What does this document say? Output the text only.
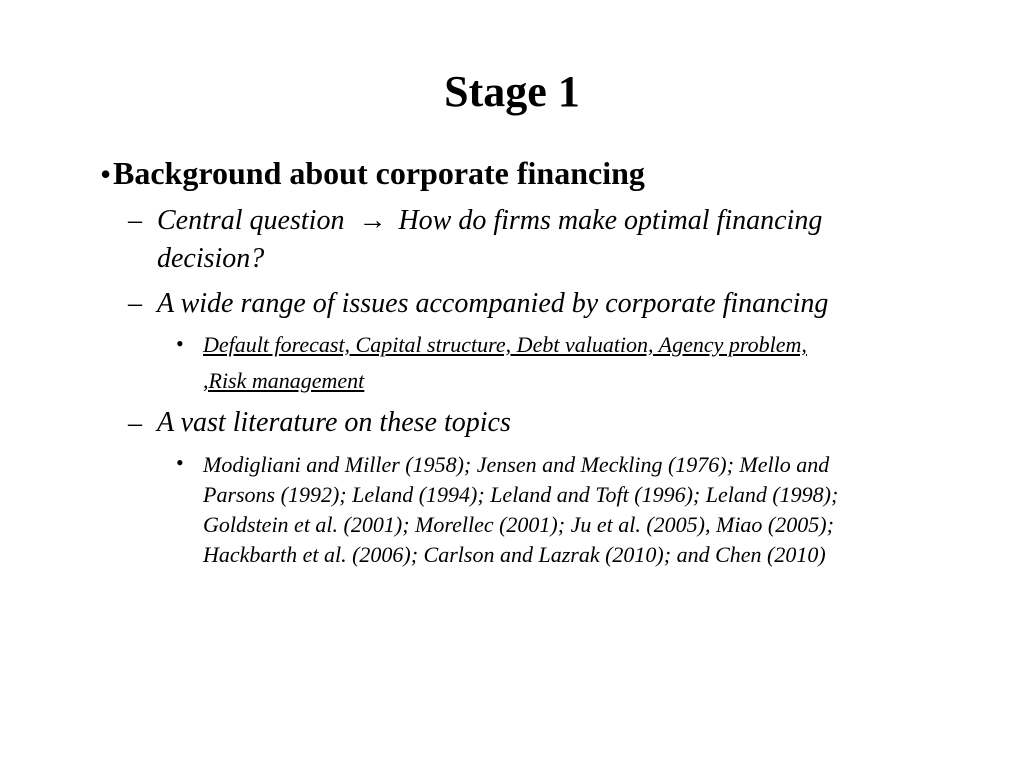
Stage 1
• Background about corporate financing
– Central question → How do firms make optimal financing
decision?
– A wide range of issues accompanied by corporate financing
• Default forecast, Capital structure, Debt valuation, Agency problem,
,Risk management
– A vast literature on these topics
• Modigliani and Miller (1958); Jensen and Meckling (1976); Mello and
Parsons (1992); Leland (1994); Leland and Toft (1996); Leland (1998);
Goldstein et al. (2001); Morellec (2001); Ju et al. (2005), Miao (2005);
Hackbarth et al. (2006); Carlson and Lazrak (2010); and Chen (2010)
